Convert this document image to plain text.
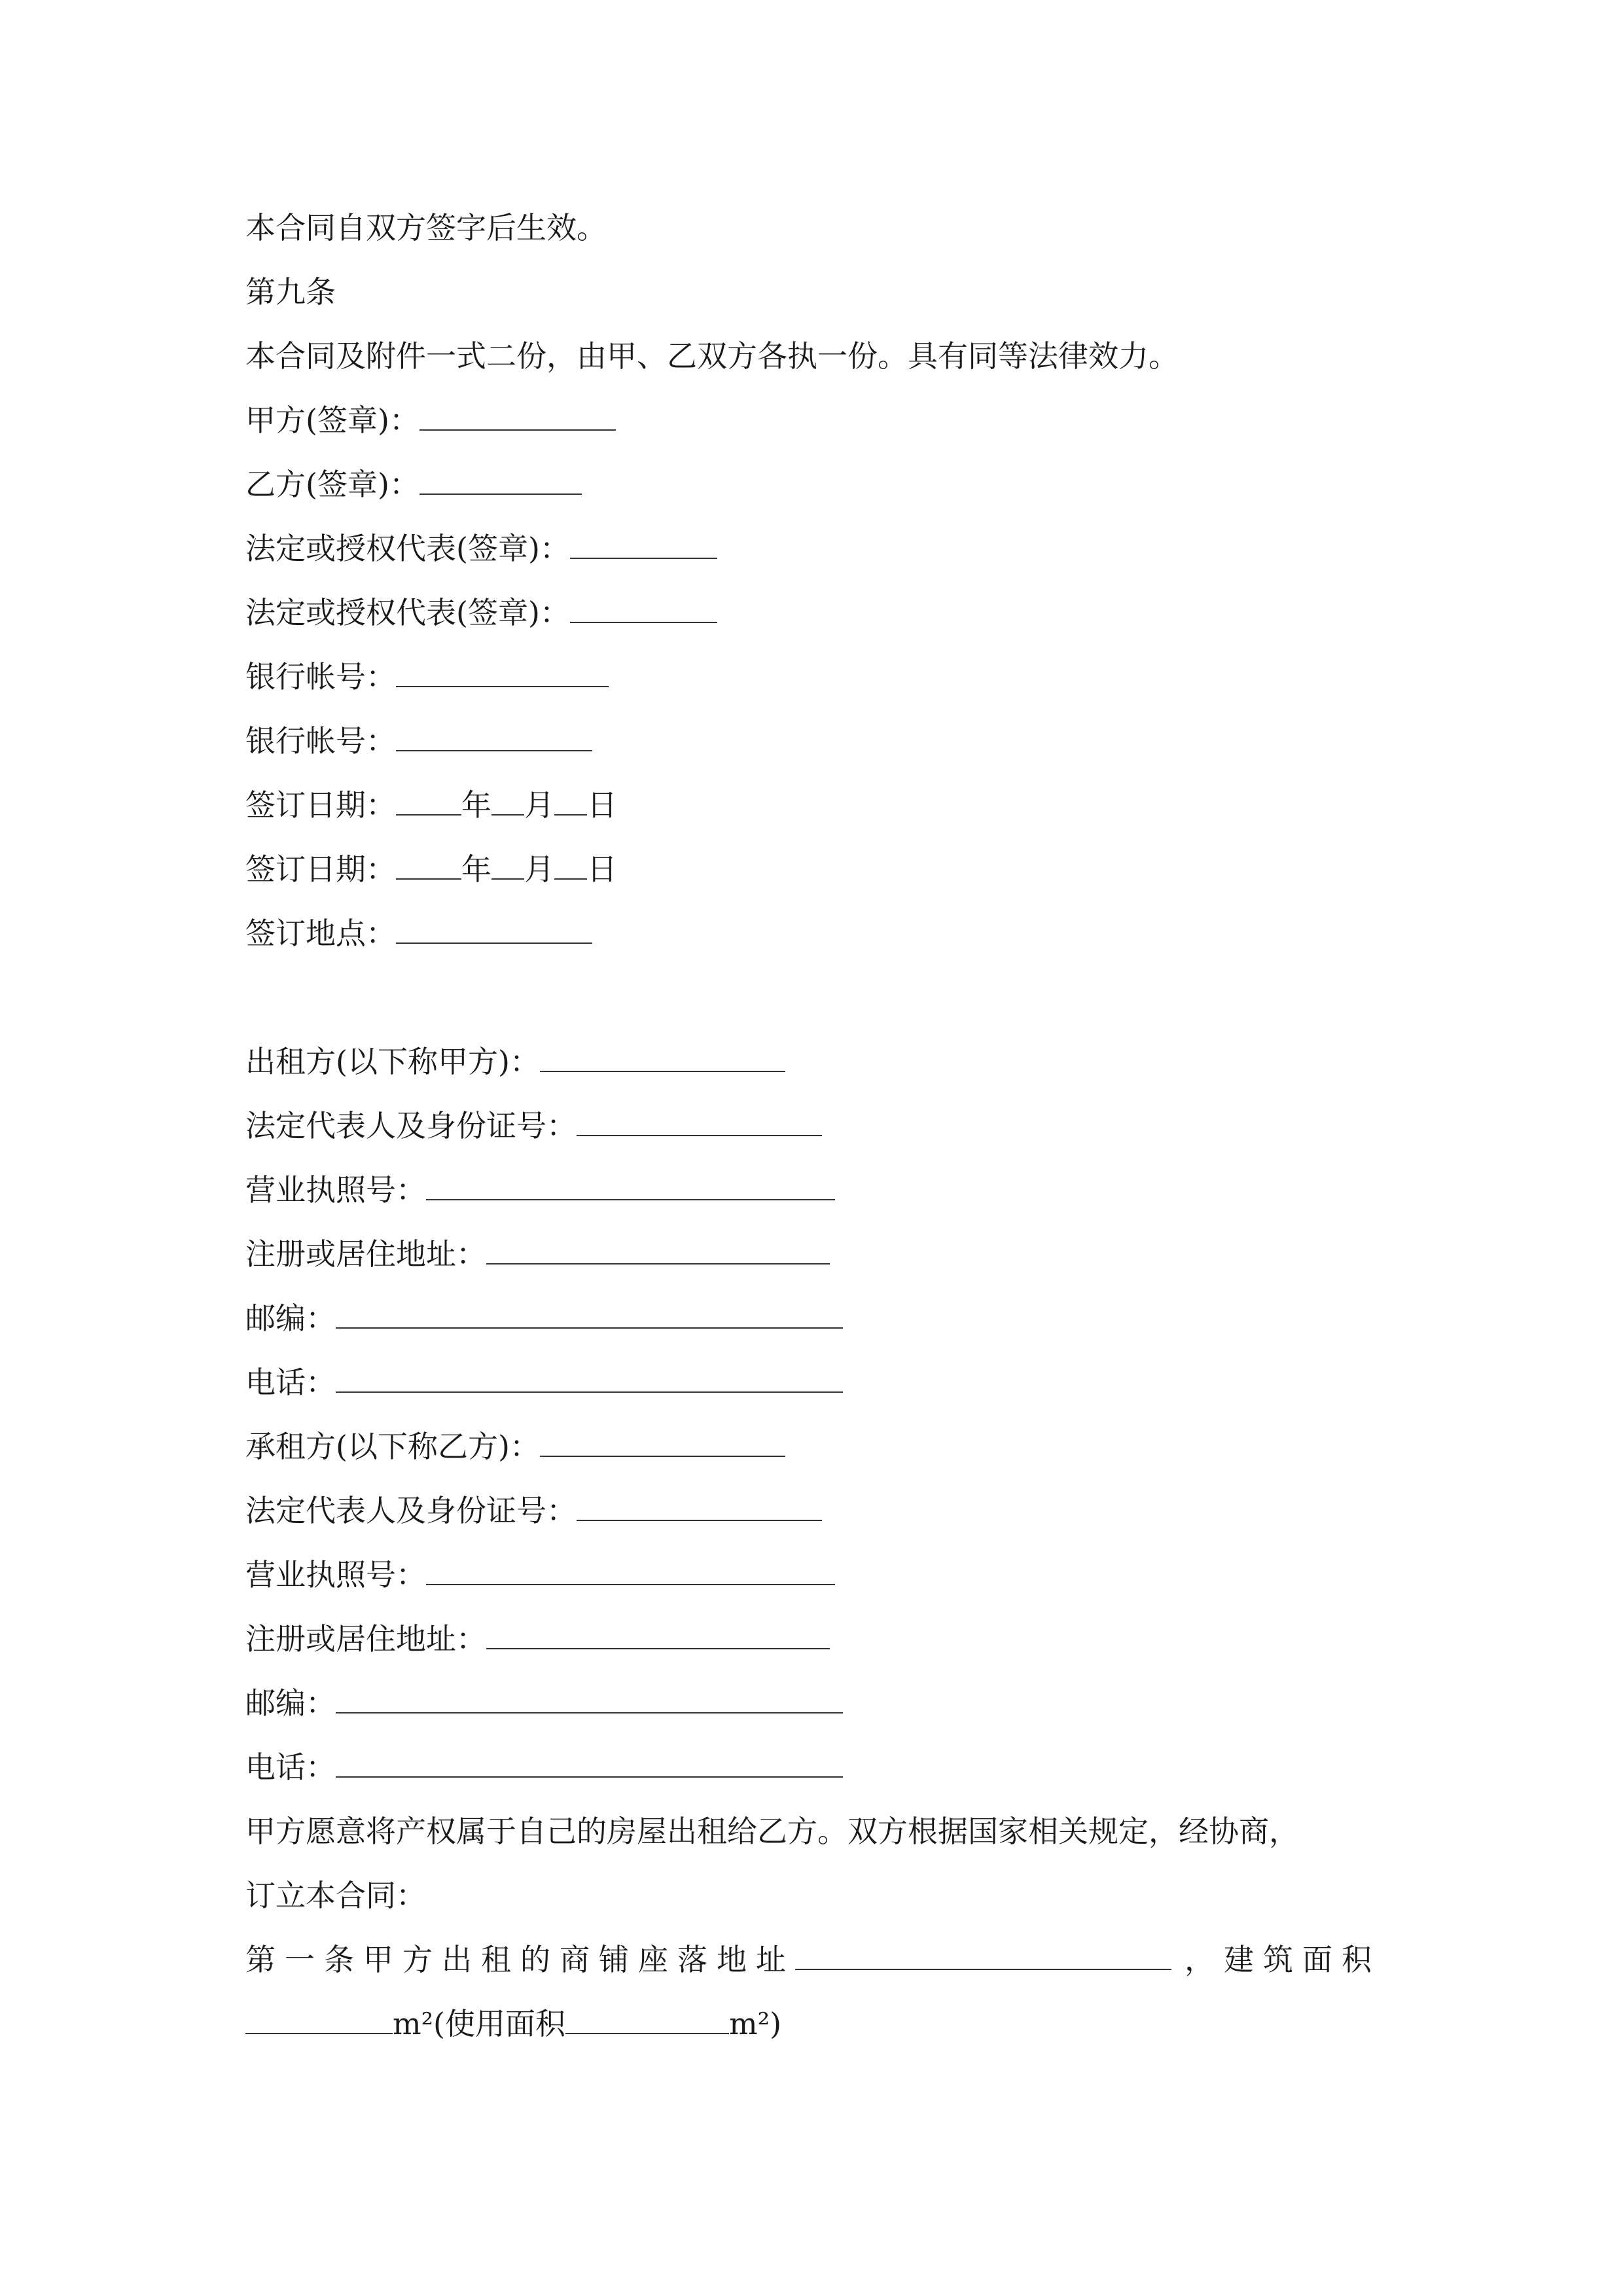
本合同自双方签字后生效。
第九条
本合同及附件一式二份，由甲、乙双方各执一份。具有同等法律效力。
甲方(签章)：
乙方(签章)：
法定或授权代表(签章)：
法定或授权代表(签章)：
银行帐号：
银行帐号：
签订日期： 年 月 日
签订日期： 年 月 日
签订地点：
出租方(以下称甲方)：
法定代表人及身份证号：
营业执照号：
注册或居住地址：
邮编：
电话：
承租方(以下称乙方)：
法定代表人及身份证号：
营业执照号：
注册或居住地址：
邮编：
电话：
甲方愿意将产权属于自己的房屋出租给乙方。双方根据国家相关规定，经协商，
订立本合同：
第一条甲方出租的商铺座落地址	，建筑面积
m²(使用面积	m²)
